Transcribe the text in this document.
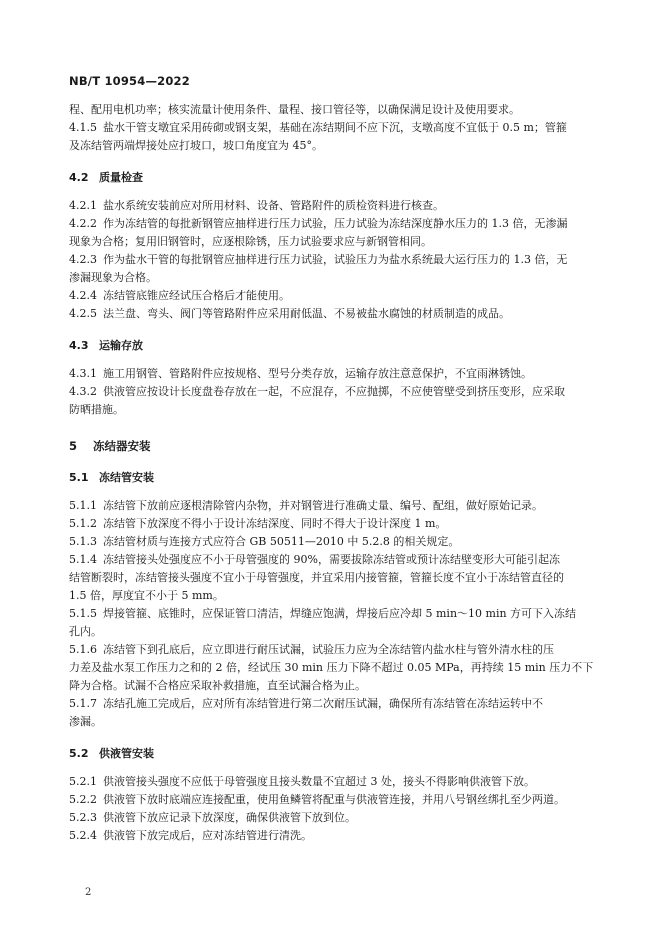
NB/T 10954—2022
程、配用电机功率；核实流量计使用条件、量程、接口管径等，以确保满足设计及使用要求。
4.1.5 盐水干管支墩宜采用砖砌或钢支架，基础在冻结期间不应下沉，支墩高度不宜低于 0.5 m；管箍
及冻结管两端焊接处应打坡口，坡口角度宜为 45°。
4.2 质量检查
4.2.1 盐水系统安装前应对所用材料、设备、管路附件的质检资料进行核查。
4.2.2 作为冻结管的每批新钢管应抽样进行压力试验，压力试验为冻结深度静水压力的 1.3 倍，无渗漏
现象为合格；复用旧钢管时，应逐根除锈，压力试验要求应与新钢管相同。
4.2.3 作为盐水干管的每批钢管应抽样进行压力试验，试验压力为盐水系统最大运行压力的 1.3 倍，无
渗漏现象为合格。
4.2.4 冻结管底锥应经试压合格后才能使用。
4.2.5 法兰盘、弯头、阀门等管路附件应采用耐低温、不易被盐水腐蚀的材质制造的成品。
4.3 运输存放
4.3.1 施工用钢管、管路附件应按规格、型号分类存放，运输存放注意意保护，不宜雨淋锈蚀。
4.3.2 供液管应按设计长度盘卷存放在一起，不应混存，不应抛掷，不应使管壁受到挤压变形，应采取
防晒措施。
5 冻结器安装
5.1 冻结管安装
5.1.1 冻结管下放前应逐根清除管内杂物，并对钢管进行准确丈量、编号、配组，做好原始记录。
5.1.2 冻结管下放深度不得小于设计冻结深度、同时不得大于设计深度 1 m。
5.1.3 冻结管材质与连接方式应符合 GB 50511—2010 中 5.2.8 的相关规定。
5.1.4 冻结管接头处强度应不小于母管强度的 90%，需要拔除冻结管或预计冻结壁变形大可能引起冻
结管断裂时，冻结管接头强度不宜小于母管强度，并宜采用内接管箍，管箍长度不宜小于冻结管直径的
1.5 倍，厚度宜不小于 5 mm。
5.1.5 焊接管箍、底锥时，应保证管口清洁，焊缝应饱满，焊接后应冷却 5 min～10 min 方可下入冻结
孔内。
5.1.6 冻结管下到孔底后，应立即进行耐压试漏，试验压力应为全冻结管内盐水柱与管外清水柱的压
力差及盐水泵工作压力之和的 2 倍，经试压 30 min 压力下降不超过 0.05 MPa，再持续 15 min 压力不下
降为合格。试漏不合格应采取补救措施，直至试漏合格为止。
5.1.7 冻结孔施工完成后，应对所有冻结管进行第二次耐压试漏，确保所有冻结管在冻结运转中不
渗漏。
5.2 供液管安装
5.2.1 供液管接头强度不应低于母管强度且接头数量不宜超过 3 处，接头不得影响供液管下放。
5.2.2 供液管下放时底端应连接配重，使用鱼鳞管将配重与供液管连接，并用八号钢丝绑扎至少两道。
5.2.3 供液管下放应记录下放深度，确保供液管下放到位。
5.2.4 供液管下放完成后，应对冻结管进行清洗。
2
